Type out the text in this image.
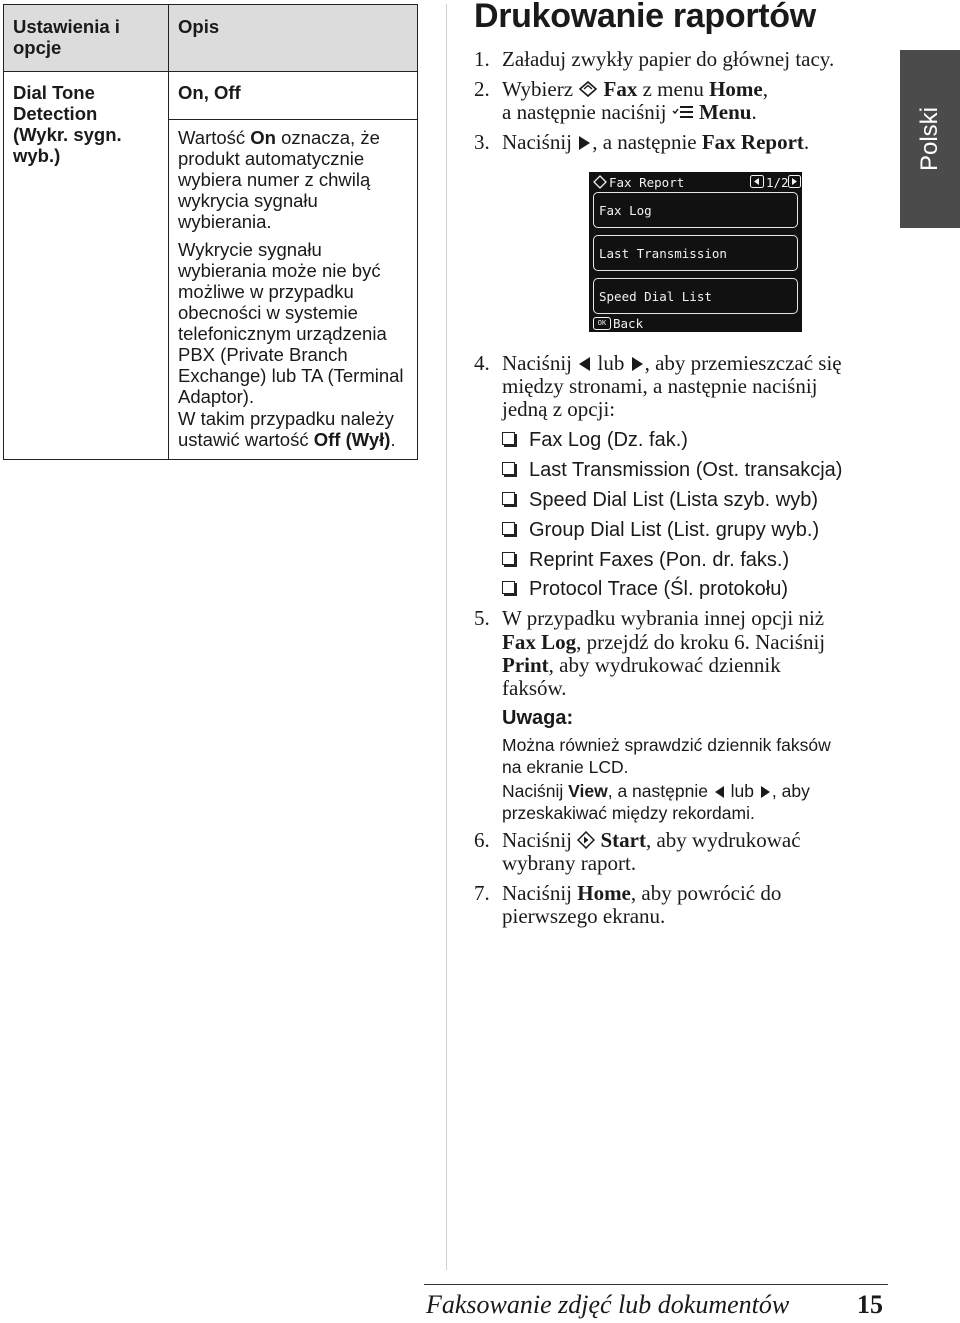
Ustawienia i opcje
Opis
Dial Tone Detection (Wykr. sygn. wyb.)
On, Off
Wartość On oznacza, że produkt automatycznie wybiera numer z chwilą wykrycia sygnału wybierania.
Wykrycie sygnału wybierania może nie być możliwe w przypadku obecności w systemie telefonicznym urządzenia PBX (Private Branch Exchange) lub TA (Terminal Adaptor).
W takim przypadku należy ustawić wartość Off (Wył).
Drukowanie raportów
1. Załaduj zwykły papier do głównej tacy.
2. Wybierz  Fax z menu Home,
a następnie naciśnij  Menu.
3. Naciśnij , a następnie Fax Report.
Fax Report	1/2
Fax Log
Last Transmission
Speed Dial List
OK Back
4. Naciśnij  lub , aby przemieszczać się
między stronami, a następnie naciśnij
jedną z opcji:
Fax Log (Dz. fak.)
Last Transmission (Ost. transakcja)
Speed Dial List (Lista szyb. wyb)
Group Dial List (List. grupy wyb.)
Reprint Faxes (Pon. dr. faks.)
Protocol Trace (Śl. protokołu)
5. W przypadku wybrania innej opcji niż
Fax Log, przejdź do kroku 6. Naciśnij
Print, aby wydrukować dziennik
faksów.
Uwaga:
Można również sprawdzić dziennik faksów
na ekranie LCD.
Naciśnij View, a następnie  lub , aby
przeskakiwać między rekordami.
6. Naciśnij  Start, aby wydrukować
wybrany raport.
7. Naciśnij Home, aby powrócić do
pierwszego ekranu.
Polski
Faksowanie zdjęć lub dokumentów	15
